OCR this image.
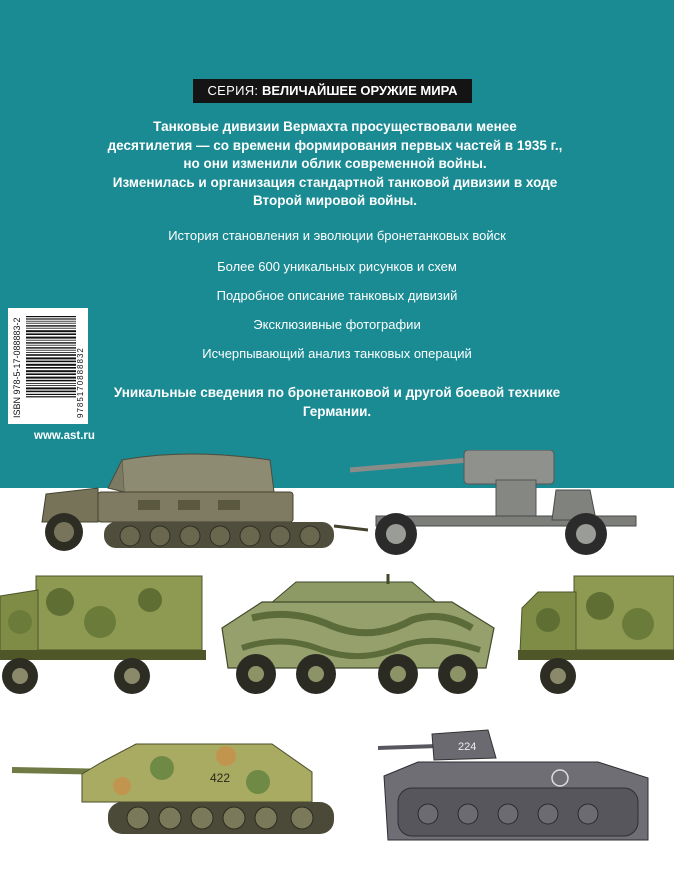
СЕРИЯ: ВЕЛИЧАЙШЕЕ ОРУЖИЕ МИРА
Танковые дивизии Вермахта просуществовали менее
десятилетия — со времени формирования первых частей в 1935 г.,
но они изменили облик современной войны.
Изменилась и организация стандартной танковой дивизии в ходе
Второй мировой войны.
История становления и эволюции бронетанковых войск
Более 600 уникальных рисунков и схем
Подробное описание танковых дивизий
Эксклюзивные фотографии
Исчерпывающий анализ танковых операций
Уникальные сведения по бронетанковой и другой боевой технике
Германии.
ISBN 978-5-17-088883-2	9785170888832
www.ast.ru
422
224
